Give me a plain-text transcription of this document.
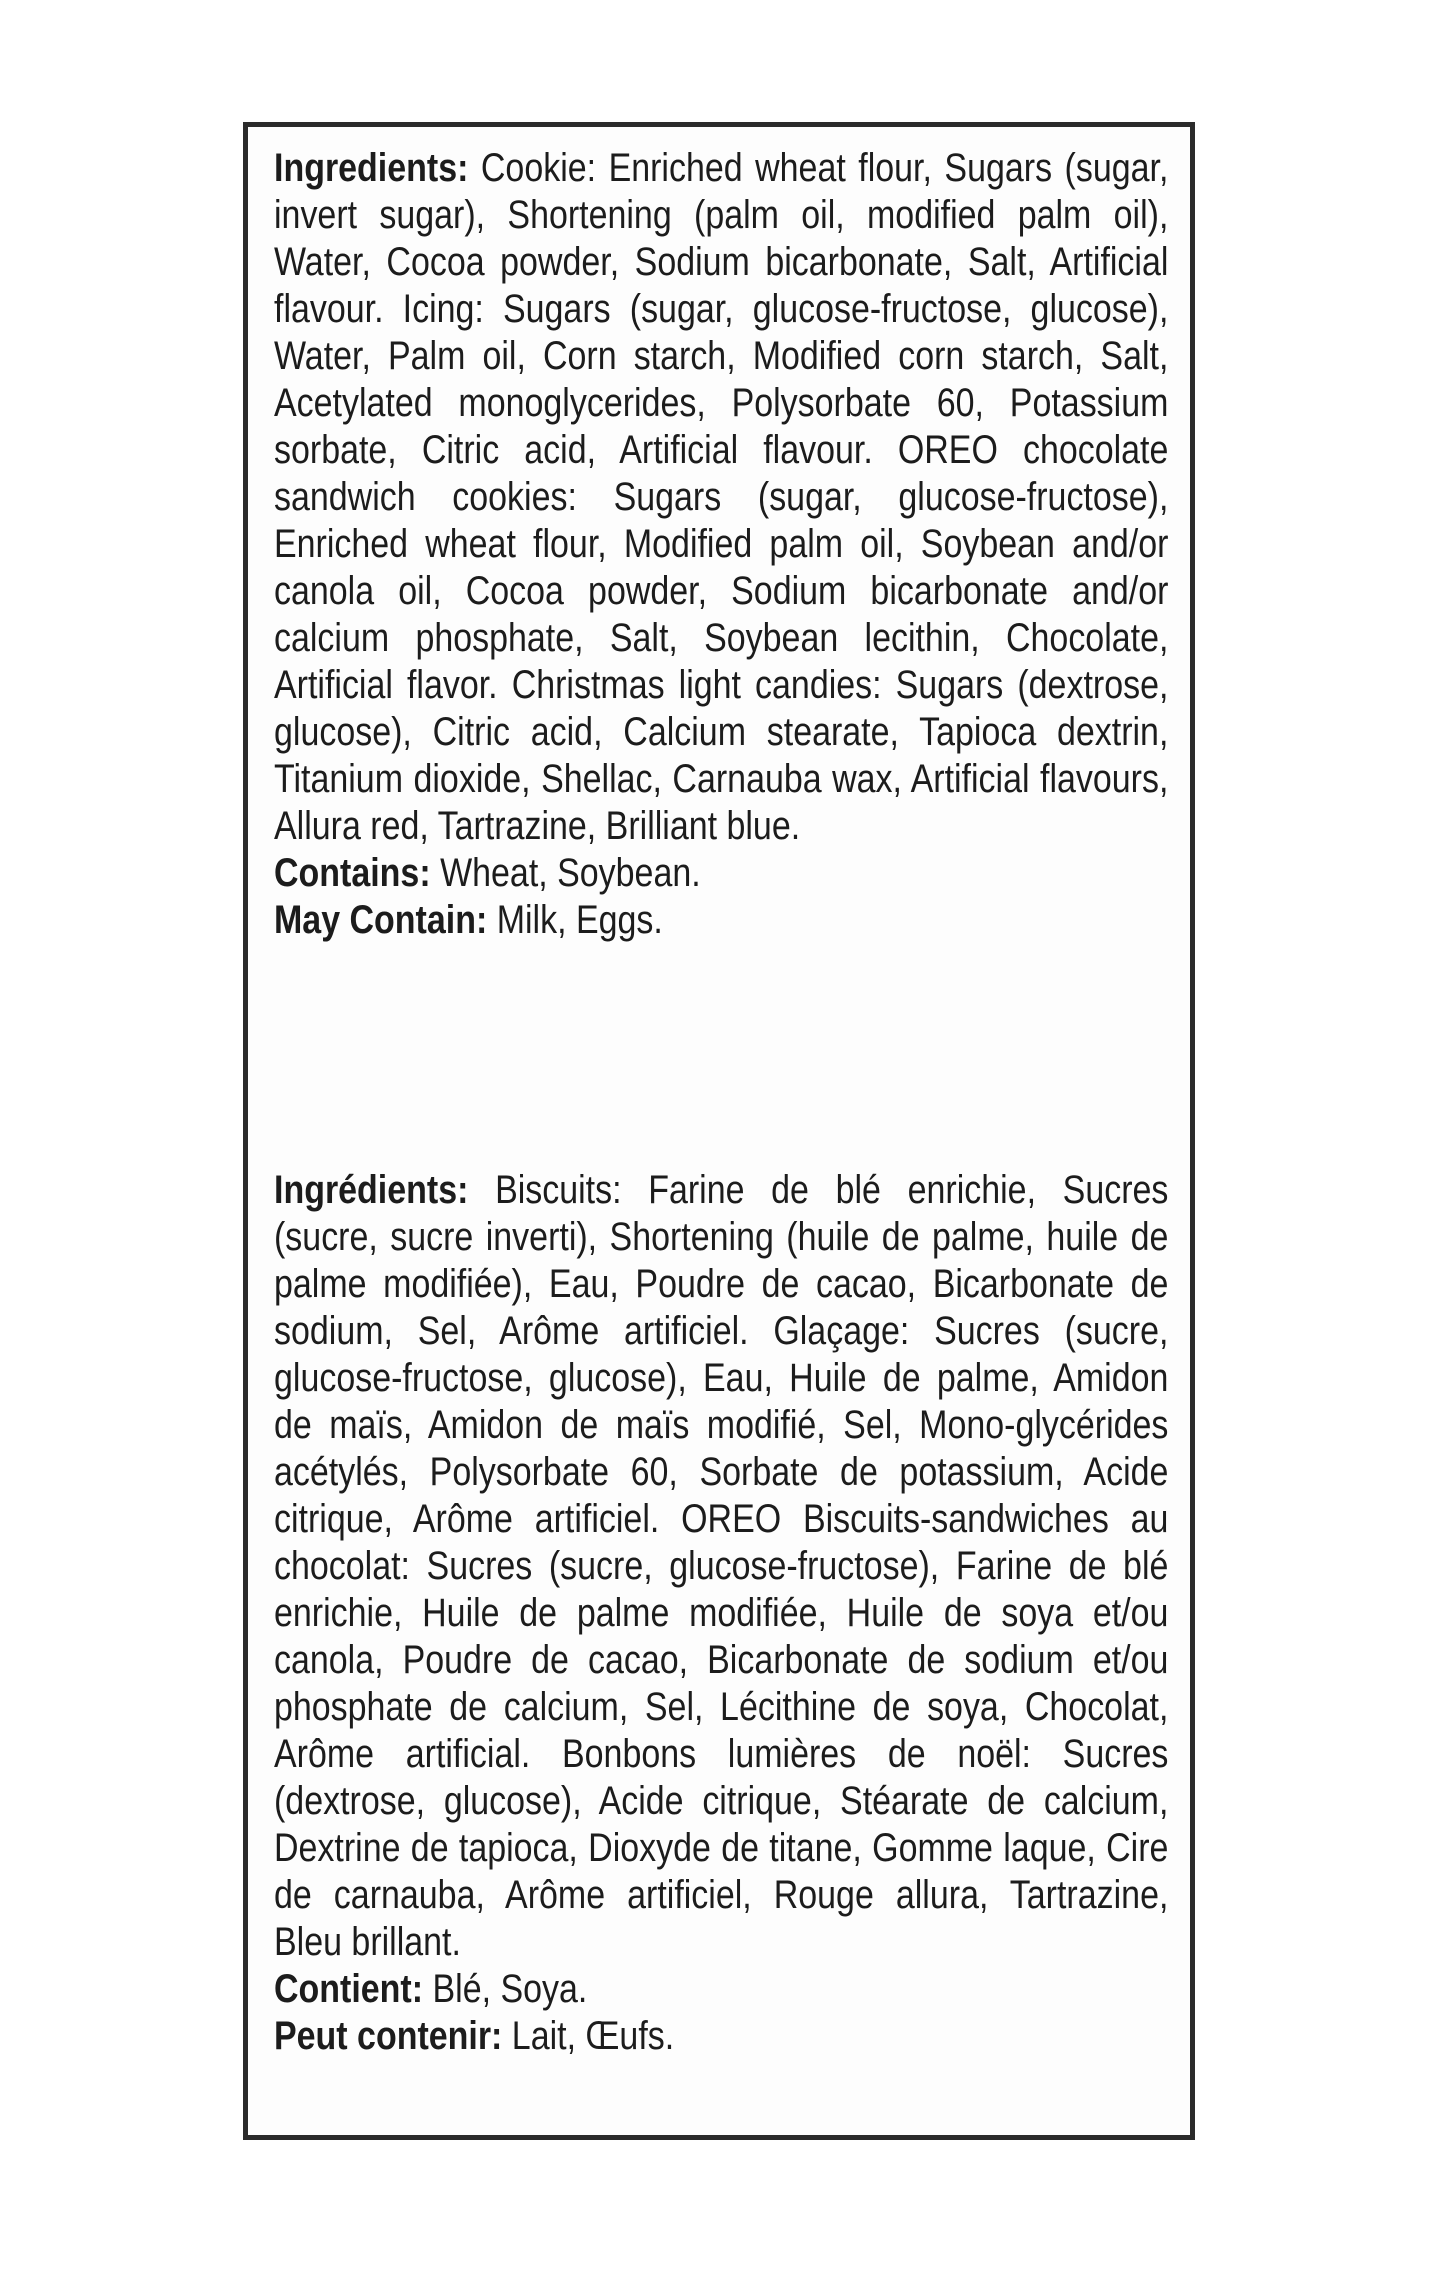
Ingredients: Cookie: Enriched wheat flour, Sugars (sugar, invert sugar), Shortening (palm oil, modified palm oil), Water, Cocoa powder, Sodium bicarbonate, Salt, Artificial flavour. Icing: Sugars (sugar, glucose-fructose, glucose), Water, Palm oil, Corn starch, Modified corn starch, Salt, Acetylated monoglycerides, Polysorbate 60, Potassium sorbate, Citric acid, Artificial flavour. OREO chocolate sandwich cookies: Sugars (sugar, glucose-fructose), Enriched wheat flour, Modified palm oil, Soybean and/or canola oil, Cocoa powder, Sodium bicarbonate and/or calcium phosphate, Salt, Soybean lecithin, Chocolate, Artificial flavor. Christmas light candies: Sugars (dextrose, glucose), Citric acid, Calcium stearate, Tapioca dextrin, Titanium dioxide, Shellac, Carnauba wax, Artificial flavours, Allura red, Tartrazine, Brilliant blue.

Contains: Wheat, Soybean.

May Contain: Milk, Eggs.

Ingrédients: Biscuits: Farine de blé enrichie, Sucres (sucre, sucre inverti), Shortening (huile de palme, huile de palme modifiée), Eau, Poudre de cacao, Bicarbonate de sodium, Sel, Arôme artificiel. Glaçage: Sucres (sucre, glucose-fructose, glucose), Eau, Huile de palme, Amidon de maïs, Amidon de maïs modifié, Sel, Mono-glycérides acétylés, Polysorbate 60, Sorbate de potassium, Acide citrique, Arôme artificiel. OREO Biscuits-sandwiches au chocolat: Sucres (sucre, glucose-fructose), Farine de blé enrichie, Huile de palme modifiée, Huile de soya et/ou canola, Poudre de cacao, Bicarbonate de sodium et/ou phosphate de calcium, Sel, Lécithine de soya, Chocolat, Arôme artificial. Bonbons lumières de noël: Sucres (dextrose, glucose), Acide citrique, Stéarate de calcium, Dextrine de tapioca, Dioxyde de titane, Gomme laque, Cire de carnauba, Arôme artificiel, Rouge allura, Tartrazine, Bleu brillant.

Contient: Blé, Soya.

Peut contenir: Lait, Œufs.
